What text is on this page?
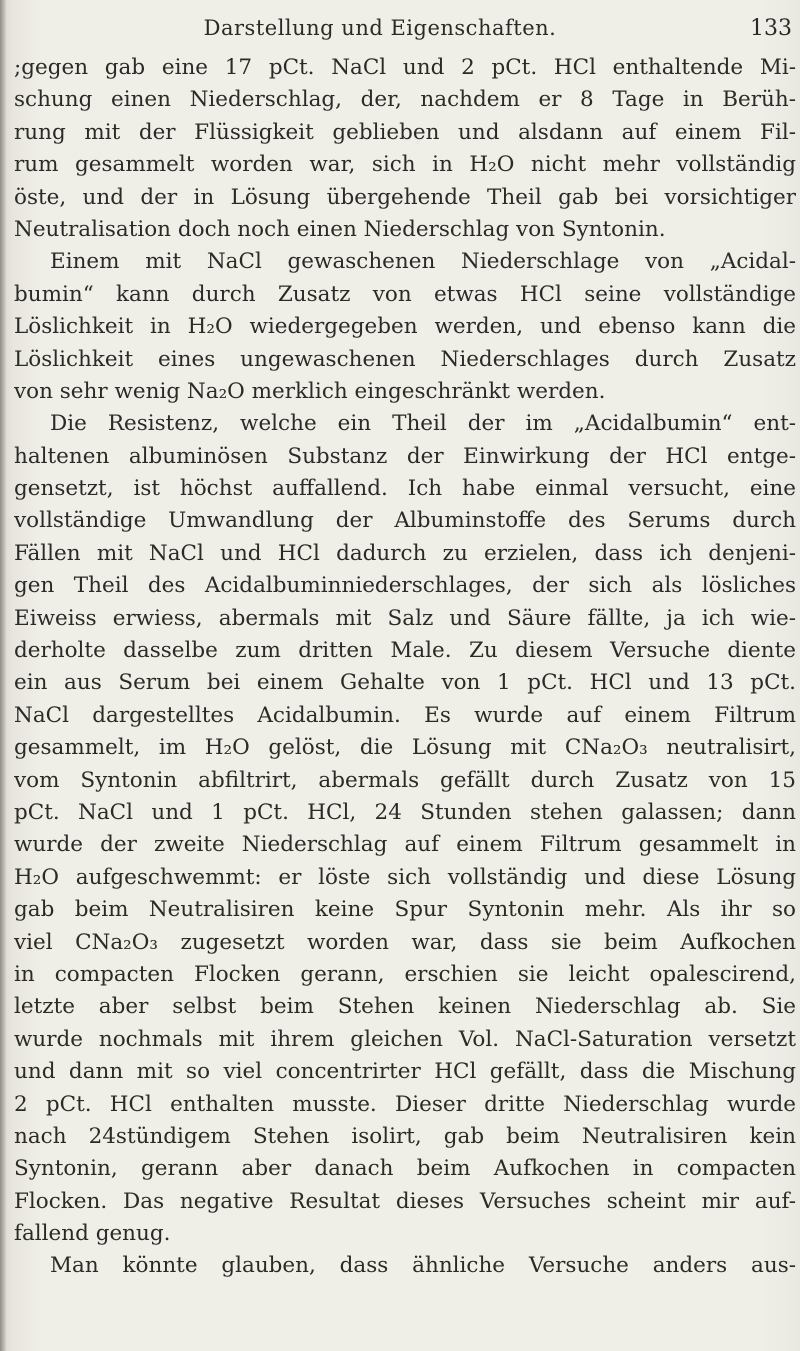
Darstellung und Eigenschaften.	133
;gegen gab eine 17 pCt. NaCl und 2 pCt. HCl enthaltende Mi-
schung einen Niederschlag, der, nachdem er 8 Tage in Berüh-
rung mit der Flüssigkeit geblieben und alsdann auf einem Fil-
rum gesammelt worden war, sich in H₂O nicht mehr vollständig
öste, und der in Lösung übergehende Theil gab bei vorsichtiger
Neutralisation doch noch einen Niederschlag von Syntonin.
Einem mit NaCl gewaschenen Niederschlage von „Acidal-
bumin“ kann durch Zusatz von etwas HCl seine vollständige
Löslichkeit in H₂O wiedergegeben werden, und ebenso kann die
Löslichkeit eines ungewaschenen Niederschlages durch Zusatz
von sehr wenig Na₂O merklich eingeschränkt werden.
Die Resistenz, welche ein Theil der im „Acidalbumin“ ent-
haltenen albuminösen Substanz der Einwirkung der HCl entge-
gensetzt, ist höchst auffallend. Ich habe einmal versucht, eine
vollständige Umwandlung der Albuminstoffe des Serums durch
Fällen mit NaCl und HCl dadurch zu erzielen, dass ich denjeni-
gen Theil des Acidalbuminniederschlages, der sich als lösliches
Eiweiss erwiess, abermals mit Salz und Säure fällte, ja ich wie-
derholte dasselbe zum dritten Male. Zu diesem Versuche diente
ein aus Serum bei einem Gehalte von 1 pCt. HCl und 13 pCt.
NaCl dargestelltes Acidalbumin. Es wurde auf einem Filtrum
gesammelt, im H₂O gelöst, die Lösung mit CNa₂O₃ neutralisirt,
vom Syntonin abfiltrirt, abermals gefällt durch Zusatz von 15
pCt. NaCl und 1 pCt. HCl, 24 Stunden stehen galassen; dann
wurde der zweite Niederschlag auf einem Filtrum gesammelt in
H₂O aufgeschwemmt: er löste sich vollständig und diese Lösung
gab beim Neutralisiren keine Spur Syntonin mehr. Als ihr so
viel CNa₂O₃ zugesetzt worden war, dass sie beim Aufkochen
in compacten Flocken gerann, erschien sie leicht opalescirend,
letzte aber selbst beim Stehen keinen Niederschlag ab. Sie
wurde nochmals mit ihrem gleichen Vol. NaCl-Saturation versetzt
und dann mit so viel concentrirter HCl gefällt, dass die Mischung
2 pCt. HCl enthalten musste. Dieser dritte Niederschlag wurde
nach 24stündigem Stehen isolirt, gab beim Neutralisiren kein
Syntonin, gerann aber danach beim Aufkochen in compacten
Flocken. Das negative Resultat dieses Versuches scheint mir auf-
fallend genug.
Man könnte glauben, dass ähnliche Versuche anders aus-
